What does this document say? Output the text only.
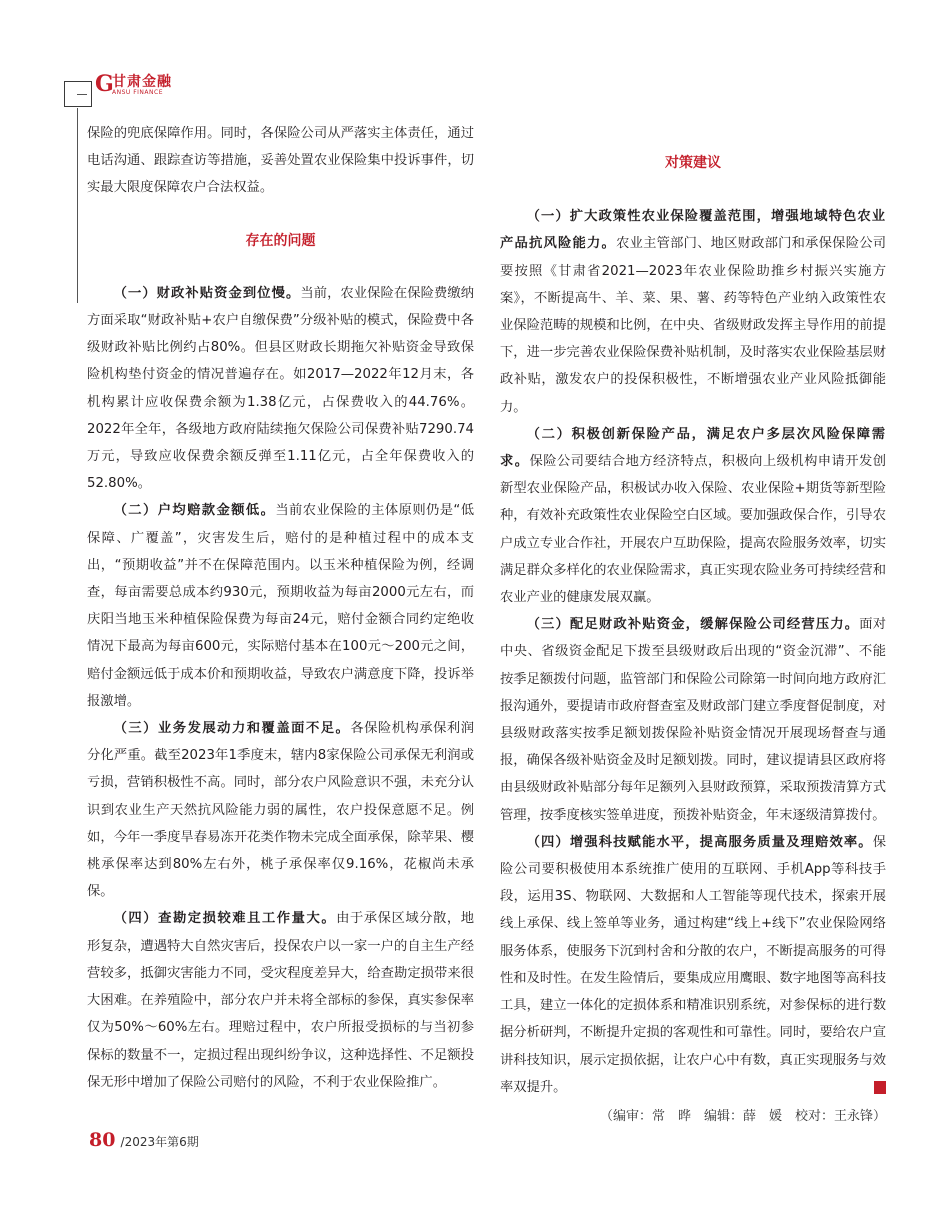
G
甘肃金融
ANSU FINANCE

保险的兜底保障作用。同时，各保险公司从严落实主体责任，通过电话沟通、跟踪查访等措施，妥善处置农业保险集中投诉事件，切实最大限度保障农户合法权益。

存在的问题

（一）财政补贴资金到位慢。当前，农业保险在保险费缴纳方面采取“财政补贴+农户自缴保费”分级补贴的模式，保险费中各级财政补贴比例约占80%。但县区财政长期拖欠补贴资金导致保险机构垫付资金的情况普遍存在。如2017—2022年12月末，各机构累计应收保费余额为1.38亿元，占保费收入的44.76%。2022年全年，各级地方政府陆续拖欠保险公司保费补贴7290.74万元，导致应收保费余额反弹至1.11亿元，占全年保费收入的52.80%。

（二）户均赔款金额低。当前农业保险的主体原则仍是“低保障、广覆盖”，灾害发生后，赔付的是种植过程中的成本支出，“预期收益”并不在保障范围内。以玉米种植保险为例，经调查，每亩需要总成本约930元，预期收益为每亩2000元左右，而庆阳当地玉米种植保险保费为每亩24元，赔付金额合同约定绝收情况下最高为每亩600元，实际赔付基本在100元～200元之间，赔付金额远低于成本价和预期收益，导致农户满意度下降，投诉举报激增。

（三）业务发展动力和覆盖面不足。各保险机构承保利润分化严重。截至2023年1季度末，辖内8家保险公司承保无利润或亏损，营销积极性不高。同时，部分农户风险意识不强，未充分认识到农业生产天然抗风险能力弱的属性，农户投保意愿不足。例如，今年一季度旱春易冻开花类作物未完成全面承保，除苹果、樱桃承保率达到80%左右外，桃子承保率仅9.16%，花椒尚未承保。

（四）查勘定损较难且工作量大。由于承保区域分散，地形复杂，遭遇特大自然灾害后，投保农户以一家一户的自主生产经营较多，抵御灾害能力不同，受灾程度差异大，给查勘定损带来很大困难。在养殖险中，部分农户并未将全部标的参保，真实参保率仅为50%～60%左右。理赔过程中，农户所报受损标的与当初参保标的数量不一，定损过程出现纠纷争议，这种选择性、不足额投保无形中增加了保险公司赔付的风险，不利于农业保险推广。

对策建议

（一）扩大政策性农业保险覆盖范围，增强地域特色农业产品抗风险能力。农业主管部门、地区财政部门和承保保险公司要按照《甘肃省2021—2023年农业保险助推乡村振兴实施方案》，不断提高牛、羊、菜、果、薯、药等特色产业纳入政策性农业保险范畴的规模和比例，在中央、省级财政发挥主导作用的前提下，进一步完善农业保险保费补贴机制，及时落实农业保险基层财政补贴，激发农户的投保积极性，不断增强农业产业风险抵御能力。

（二）积极创新保险产品，满足农户多层次风险保障需求。保险公司要结合地方经济特点，积极向上级机构申请开发创新型农业保险产品，积极试办收入保险、农业保险+期货等新型险种，有效补充政策性农业保险空白区域。要加强政保合作，引导农户成立专业合作社，开展农户互助保险，提高农险服务效率，切实满足群众多样化的农业保险需求，真正实现农险业务可持续经营和农业产业的健康发展双赢。

（三）配足财政补贴资金，缓解保险公司经营压力。面对中央、省级资金配足下拨至县级财政后出现的“资金沉滞”、不能按季足额拨付问题，监管部门和保险公司除第一时间向地方政府汇报沟通外，要提请市政府督查室及财政部门建立季度督促制度，对县级财政落实按季足额划拨保险补贴资金情况开展现场督查与通报，确保各级补贴资金及时足额划拨。同时，建议提请县区政府将由县级财政补贴部分每年足额列入县财政预算，采取预拨清算方式管理，按季度核实签单进度，预拨补贴资金，年末逐级清算拨付。

（四）增强科技赋能水平，提高服务质量及理赔效率。保险公司要积极使用本系统推广使用的互联网、手机App等科技手段，运用3S、物联网、大数据和人工智能等现代技术，探索开展线上承保、线上签单等业务，通过构建“线上+线下”农业保险网络服务体系，使服务下沉到村舍和分散的农户，不断提高服务的可得性和及时性。在发生险情后，要集成应用鹰眼、数字地图等高科技工具，建立一体化的定损体系和精准识别系统，对参保标的进行数据分析研判，不断提升定损的客观性和可靠性。同时，要给农户宣讲科技知识，展示定损依据，让农户心中有数，真正实现服务与效率双提升。	G

（编审：常　晔　编辑：薛　媛　校对：王永锋）
80 /2023年第6期
